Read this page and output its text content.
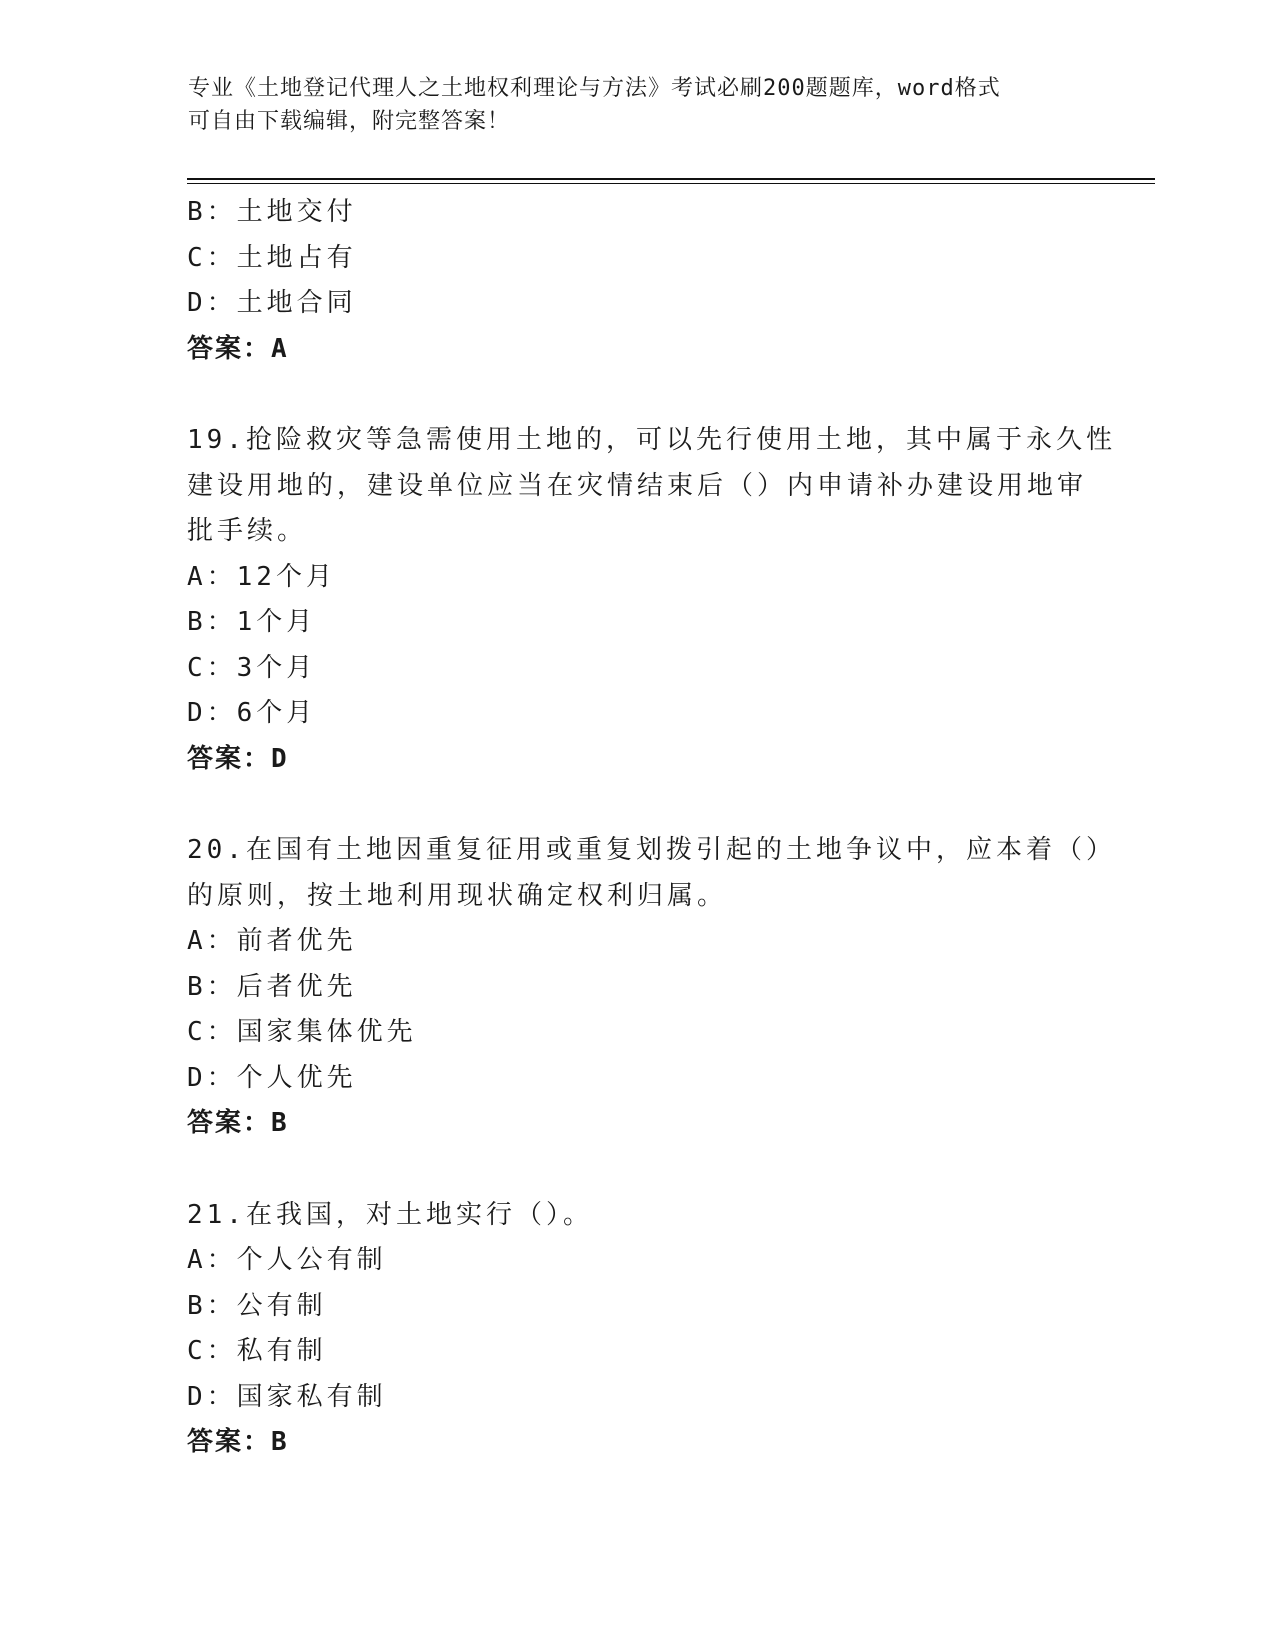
专业《土地登记代理人之土地权利理论与方法》考试必刷200题题库，word格式
可自由下载编辑，附完整答案！
B：土地交付
C：土地占有
D：土地合同
答案：A
19.抢险救灾等急需使用土地的，可以先行使用土地，其中属于永久性
建设用地的，建设单位应当在灾情结束后（）内申请补办建设用地审
批手续。
A：12个月
B：1个月
C：3个月
D：6个月
答案：D
20.在国有土地因重复征用或重复划拨引起的土地争议中，应本着（）
的原则，按土地利用现状确定权利归属。
A：前者优先
B：后者优先
C：国家集体优先
D：个人优先
答案：B
21.在我国，对土地实行（）。
A：个人公有制
B：公有制
C：私有制
D：国家私有制
答案：B
